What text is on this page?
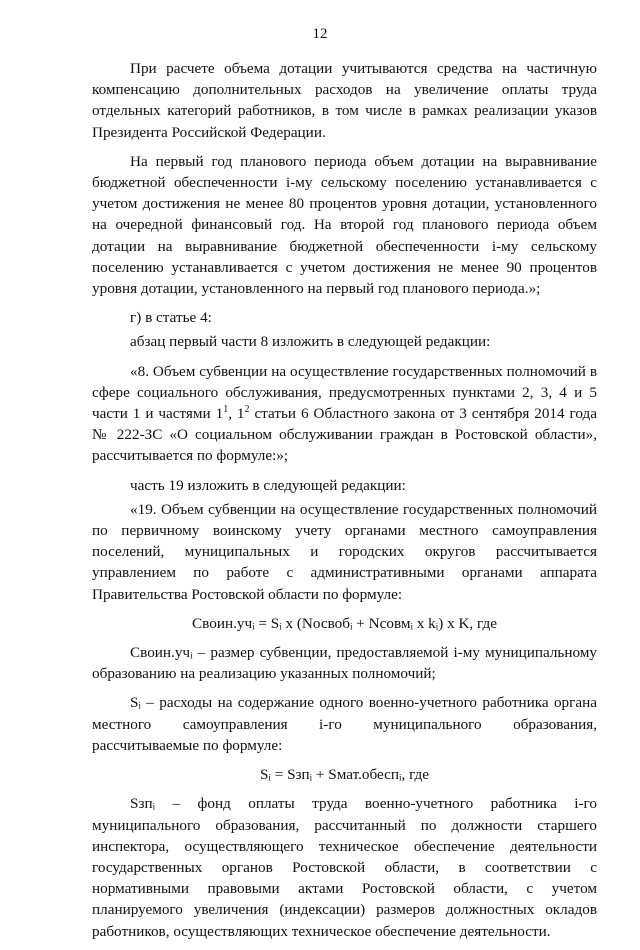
12

При расчете объема дотации учитываются средства на частичную компенсацию дополнительных расходов на увеличение оплаты труда отдельных категорий работников, в том числе в рамках реализации указов Президента Российской Федерации.

На первый год планового периода объем дотации на выравнивание бюджетной обеспеченности i-му сельскому поселению устанавливается с учетом достижения не менее 80 процентов уровня дотации, установленного на очередной финансовый год. На второй год планового периода объем дотации на выравнивание бюджетной обеспеченности i-му сельскому поселению устанавливается с учетом достижения не менее 90 процентов уровня дотации, установленного на первый год планового периода.»;

г) в статье 4:

абзац первый части 8 изложить в следующей редакции:

«8. Объем субвенции на осуществление государственных полномочий в сфере социального обслуживания, предусмотренных пунктами 2, 3, 4 и 5 части 1 и частями $1^1$, $1^2$ статьи 6 Областного закона от 3 сентября 2014 года № 222-ЗС «О социальном обслуживании граждан в Ростовской области», рассчитывается по формуле:»;

часть 19 изложить в следующей редакции:

«19. Объем субвенции на осуществление государственных полномочий по первичному воинскому учету органами местного самоуправления поселений, муниципальных и городских округов рассчитывается управлением по работе с административными органами аппарата Правительства Ростовской области по формуле:

Своин.учᵢ = Sᵢ x (Nосвобᵢ + Nсовмᵢ x kᵢ) x K, где

Своин.учᵢ – размер субвенции, предоставляемой i-му муниципальному образованию на реализацию указанных полномочий;

Sᵢ – расходы на содержание одного военно-учетного работника органа местного самоуправления i-го муниципального образования, рассчитываемые по формуле:

Sᵢ = Sзпᵢ + Sмат.обеспᵢ, где

Sзпᵢ – фонд оплаты труда военно-учетного работника i-го муниципального образования, рассчитанный по должности старшего инспектора, осуществляющего техническое обеспечение деятельности государственных органов Ростовской области, в соответствии с нормативными правовыми актами Ростовской области, с учетом планируемого увеличения (индексации) размеров должностных окладов работников, осуществляющих техническое обеспечение деятельности.
